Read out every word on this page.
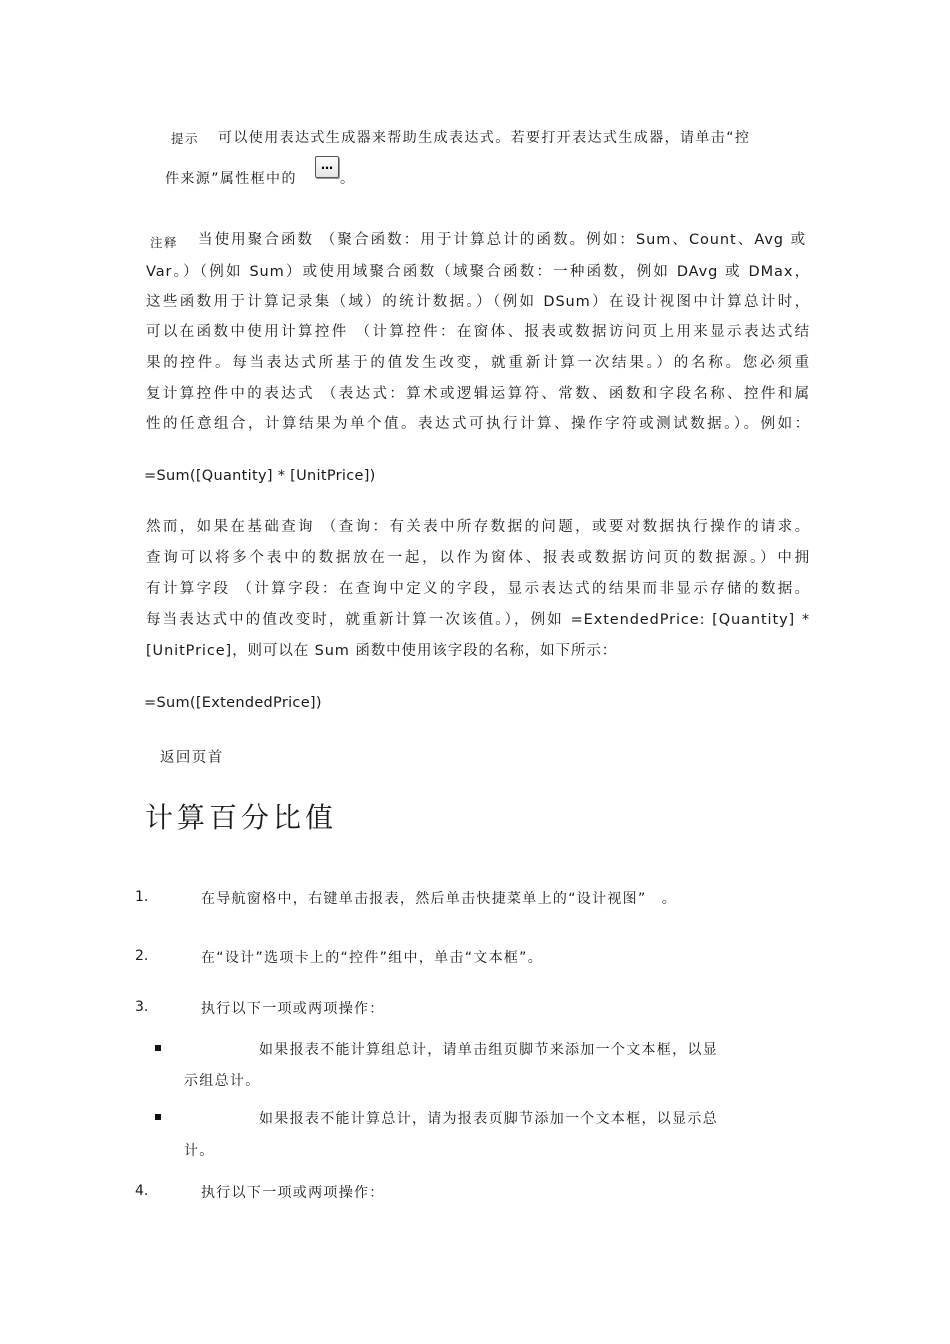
提示 可以使用表达式生成器来帮助生成表达式。若要打开表达式生成器，请单击“控
件来源”属性框中的
…
。
注释 当使用聚合函数 （聚合函数：用于计算总计的函数。例如：Sum、Count、Avg 或
Var。）（例如 Sum）或使用域聚合函数（域聚合函数：一种函数，例如 DAvg 或 DMax，
这些函数用于计算记录集（域）的统计数据。）（例如 DSum）在设计视图中计算总计时，
可以在函数中使用计算控件 （计算控件：在窗体、报表或数据访问页上用来显示表达式结
果的控件。每当表达式所基于的值发生改变，就重新计算一次结果。）的名称。您必须重
复计算控件中的表达式 （表达式：算术或逻辑运算符、常数、函数和字段名称、控件和属
性的任意组合，计算结果为单个值。表达式可执行计算、操作字符或测试数据。）。例如：
=Sum([Quantity] * [UnitPrice])
然而，如果在基础查询 （查询：有关表中所存数据的问题，或要对数据执行操作的请求。
查询可以将多个表中的数据放在一起，以作为窗体、报表或数据访问页的数据源。）中拥
有计算字段 （计算字段：在查询中定义的字段，显示表达式的结果而非显示存储的数据。
每当表达式中的值改变时，就重新计算一次该值。），例如 =ExtendedPrice: [Quantity] *
[UnitPrice]，则可以在 Sum 函数中使用该字段的名称，如下所示：
=Sum([ExtendedPrice])
返回页首
计算百分比值
1.	在导航窗格中，右键单击报表，然后单击快捷菜单上的“设计视图”　。
2.	在“设计”选项卡上的“控件”组中，单击“文本框”。
3.	执行以下一项或两项操作：
如果报表不能计算组总计，请单击组页脚节来添加一个文本框，以显
示组总计。
如果报表不能计算总计，请为报表页脚节添加一个文本框，以显示总
计。
4.	执行以下一项或两项操作：
